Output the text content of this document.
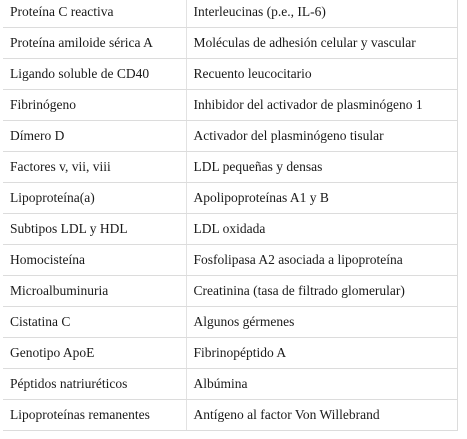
Proteína C reactiva	Interleucinas (p.e., IL-6)
Proteína amiloide sérica A	Moléculas de adhesión celular y vascular
Ligando soluble de CD40	Recuento leucocitario
Fibrinógeno	Inhibidor del activador de plasminógeno 1
Dímero D	Activador del plasminógeno tisular
Factores v, vii, viii	LDL pequeñas y densas
Lipoproteína(a)	Apolipoproteínas A1 y B
Subtipos LDL y HDL	LDL oxidada
Homocisteína	Fosfolipasa A2 asociada a lipoproteína
Microalbuminuria	Creatinina (tasa de filtrado glomerular)
Cistatina C	Algunos gérmenes
Genotipo ApoE	Fibrinopéptido A
Péptidos natriuréticos	Albúmina
Lipoproteínas remanentes	Antígeno al factor Von Willebrand
